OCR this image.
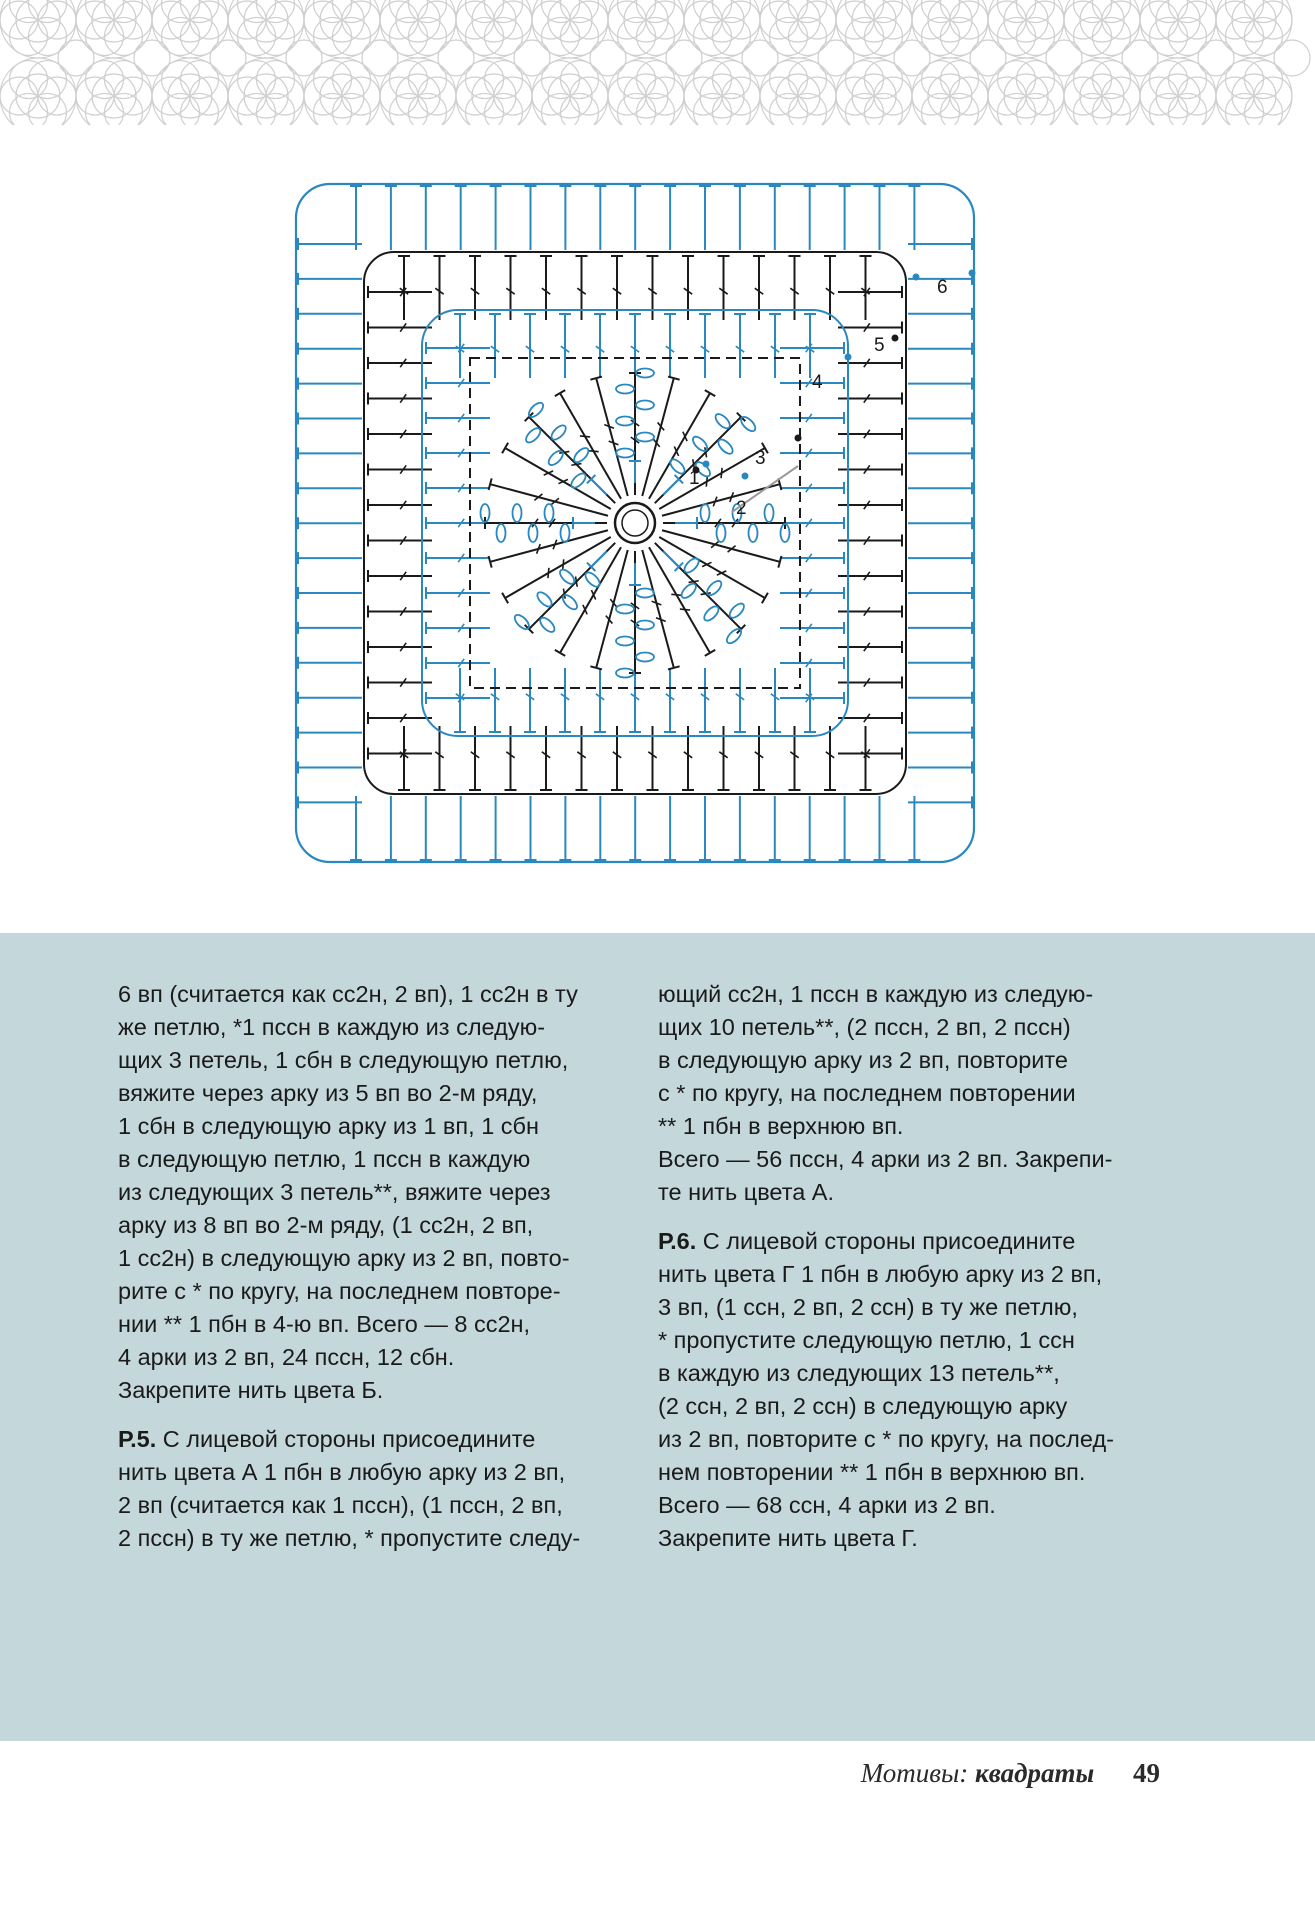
1
2
3
4
5
6

6 вп (считается как сс2н, 2 вп), 1 сс2н в ту
же петлю, *1 пссн в каждую из следую-
щих 3 петель, 1 сбн в следующую петлю,
вяжите через арку из 5 вп во 2-м ряду,
1 сбн в следующую арку из 1 вп, 1 сбн
в следующую петлю, 1 пссн в каждую
из следующих 3 петель**, вяжите через
арку из 8 вп во 2-м ряду, (1 сс2н, 2 вп,
1 сс2н) в следующую арку из 2 вп, повто-
рите с * по кругу, на последнем повторе-
нии ** 1 пбн в 4-ю вп. Всего — 8 сс2н,
4 арки из 2 вп, 24 пссн, 12 сбн.
Закрепите нить цвета Б.

Р.5. С лицевой стороны присоедините
нить цвета А 1 пбн в любую арку из 2 вп,
2 вп (считается как 1 пссн), (1 пссн, 2 вп,
2 пссн) в ту же петлю, * пропустите следу-

ющий сс2н, 1 пссн в каждую из следую-
щих 10 петель**, (2 пссн, 2 вп, 2 пссн)
в следующую арку из 2 вп, повторите
с * по кругу, на последнем повторении
** 1 пбн в верхнюю вп.
Всего — 56 пссн, 4 арки из 2 вп. Закрепи-
те нить цвета А.

Р.6. С лицевой стороны присоедините
нить цвета Г 1 пбн в любую арку из 2 вп,
3 вп, (1 ссн, 2 вп, 2 ссн) в ту же петлю,
* пропустите следующую петлю, 1 ссн
в каждую из следующих 13 петель**,
(2 ссн, 2 вп, 2 ссн) в следующую арку
из 2 вп, повторите с * по кругу, на послед-
нем повторении ** 1 пбн в верхнюю вп.
Всего — 68 ссн, 4 арки из 2 вп.
Закрепите нить цвета Г.

Мотивы: квадраты 49
